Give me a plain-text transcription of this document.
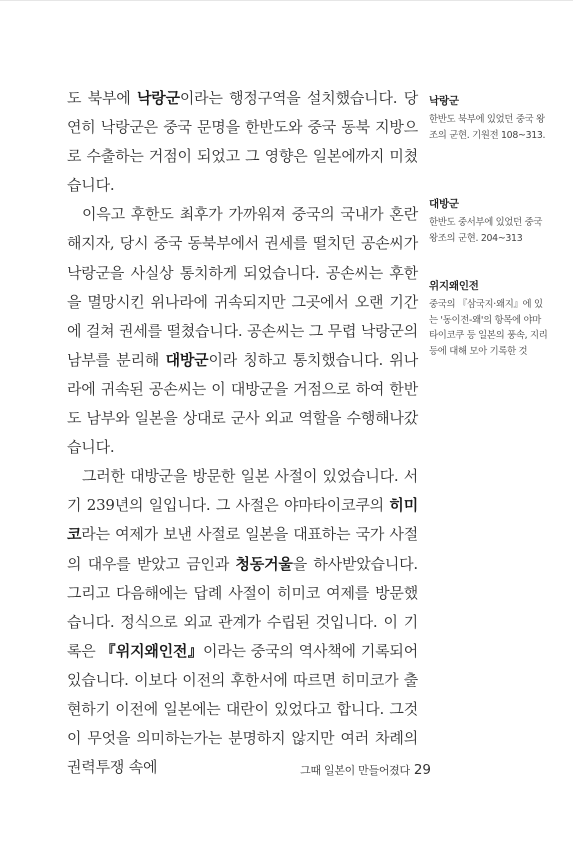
도 북부에 낙랑군이라는 행정구역을 설치했습니다. 당연히 낙랑군은 중국 문명을 한반도와 중국 동북 지방으로 수출하는 거점이 되었고 그 영향은 일본에까지 미쳤습니다.

이윽고 후한도 최후가 가까워져 중국의 국내가 혼란해지자, 당시 중국 동북부에서 권세를 떨치던 공손씨가 낙랑군을 사실상 통치하게 되었습니다. 공손씨는 후한을 멸망시킨 위나라에 귀속되지만 그곳에서 오랜 기간에 걸쳐 권세를 떨쳤습니다. 공손씨는 그 무렵 낙랑군의 남부를 분리해 대방군이라 칭하고 통치했습니다. 위나라에 귀속된 공손씨는 이 대방군을 거점으로 하여 한반도 남부와 일본을 상대로 군사 외교 역할을 수행해나갔습니다.

그러한 대방군을 방문한 일본 사절이 있었습니다. 서기 239년의 일입니다. 그 사절은 야마타이코쿠의 히미코라는 여제가 보낸 사절로 일본을 대표하는 국가 사절의 대우를 받았고 금인과 청동거울을 하사받았습니다. 그리고 다음해에는 답례 사절이 히미코 여제를 방문했습니다. 정식으로 외교 관계가 수립된 것입니다. 이 기록은 『위지왜인전』이라는 중국의 역사책에 기록되어 있습니다. 이보다 이전의 후한서에 따르면 히미코가 출현하기 이전에 일본에는 대란이 있었다고 합니다. 그것이 무엇을 의미하는가는 분명하지 않지만 여러 차례의 권력투쟁 속에

낙랑군

한반도 북부에 있었던 중국 왕조의 군현. 기원전 108~313.

대방군

한반도 중서부에 있었던 중국 왕조의 군현. 204~313

위지왜인전

중국의 『삼국지·왜지』에 있는 '동이전-왜'의 항목에 야마타이코쿠 등 일본의 풍속, 지리 등에 대해 모아 기록한 것

그때 일본이 만들어졌다 29
